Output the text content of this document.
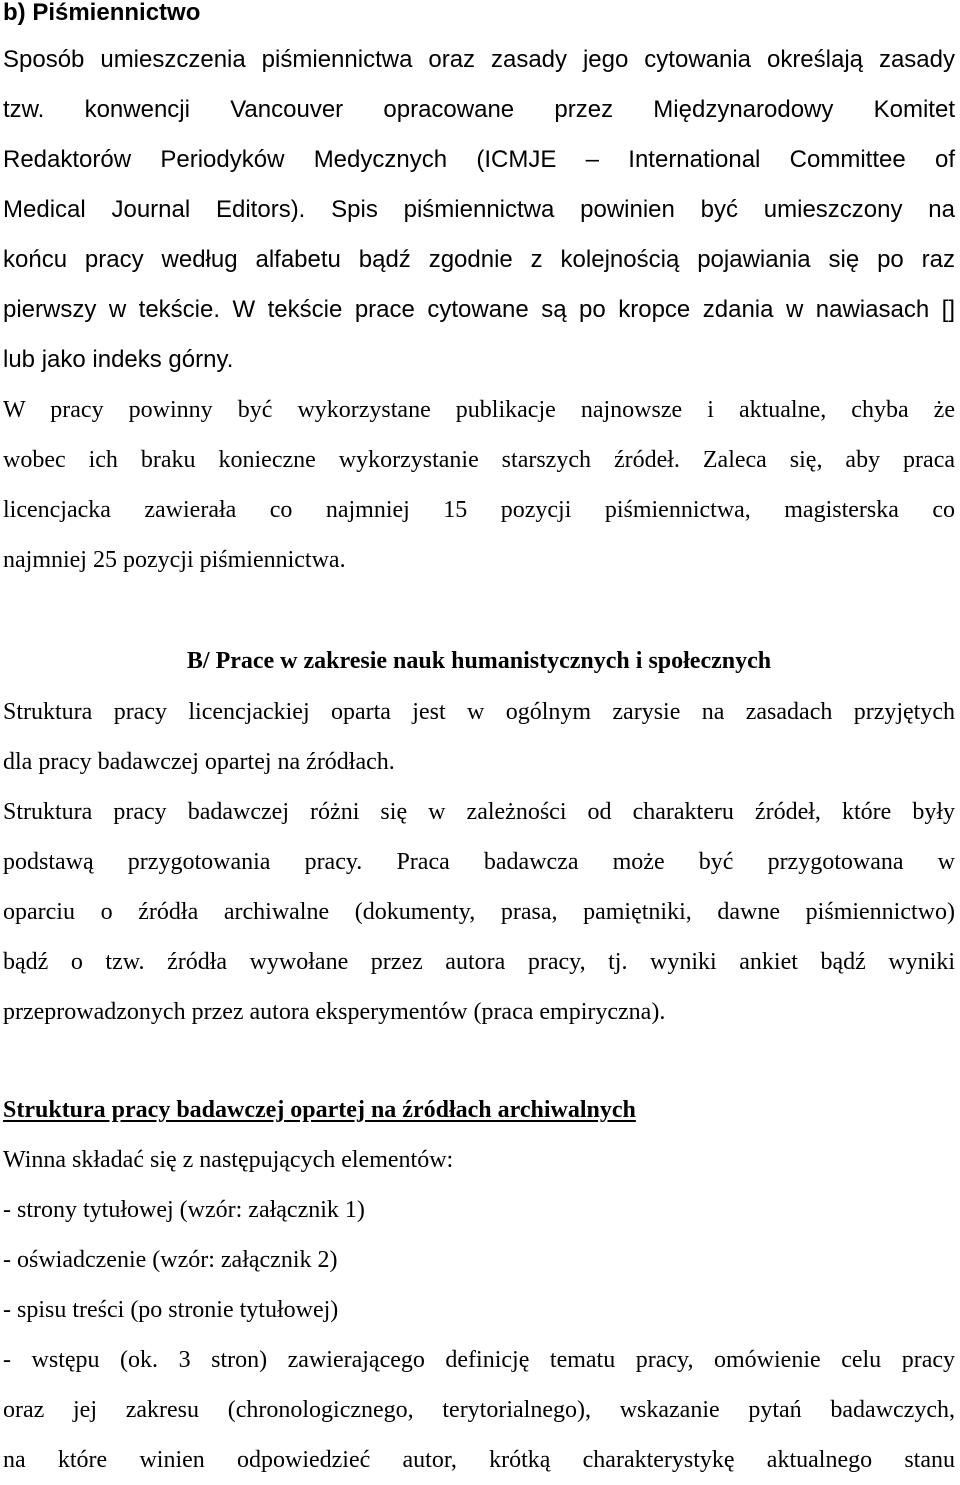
b) Piśmiennictwo
Sposób umieszczenia piśmiennictwa oraz zasady jego cytowania określają zasady
tzw. konwencji Vancouver opracowane przez Międzynarodowy Komitet
Redaktorów Periodyków Medycznych (ICMJE – International Committee of
Medical Journal Editors). Spis piśmiennictwa powinien być umieszczony na
końcu pracy według alfabetu bądź zgodnie z kolejnością pojawiania się po raz
pierwszy w tekście. W tekście prace cytowane są po kropce zdania w nawiasach []
lub jako indeks górny.
W pracy powinny być wykorzystane publikacje najnowsze i aktualne, chyba że
wobec ich braku konieczne wykorzystanie starszych źródeł. Zaleca się, aby praca
licencjacka zawierała co najmniej 15 pozycji piśmiennictwa, magisterska co
najmniej 25 pozycji piśmiennictwa.
B/ Prace w zakresie nauk humanistycznych i społecznych
Struktura pracy licencjackiej oparta jest w ogólnym zarysie na zasadach przyjętych
dla pracy badawczej opartej na źródłach.
Struktura pracy badawczej różni się w zależności od charakteru źródeł, które były
podstawą przygotowania pracy. Praca badawcza może być przygotowana w
oparciu o źródła archiwalne (dokumenty, prasa, pamiętniki, dawne piśmiennictwo)
bądź o tzw. źródła wywołane przez autora pracy, tj. wyniki ankiet bądź wyniki
przeprowadzonych przez autora eksperymentów (praca empiryczna).
Struktura pracy badawczej opartej na źródłach archiwalnych
Winna składać się z następujących elementów:
- strony tytułowej (wzór: załącznik 1)
- oświadczenie (wzór: załącznik 2)
- spisu treści (po stronie tytułowej)
- wstępu (ok. 3 stron) zawierającego definicję tematu pracy, omówienie celu pracy
oraz jej zakresu (chronologicznego, terytorialnego), wskazanie pytań badawczych,
na które winien odpowiedzieć autor, krótką charakterystykę aktualnego stanu
